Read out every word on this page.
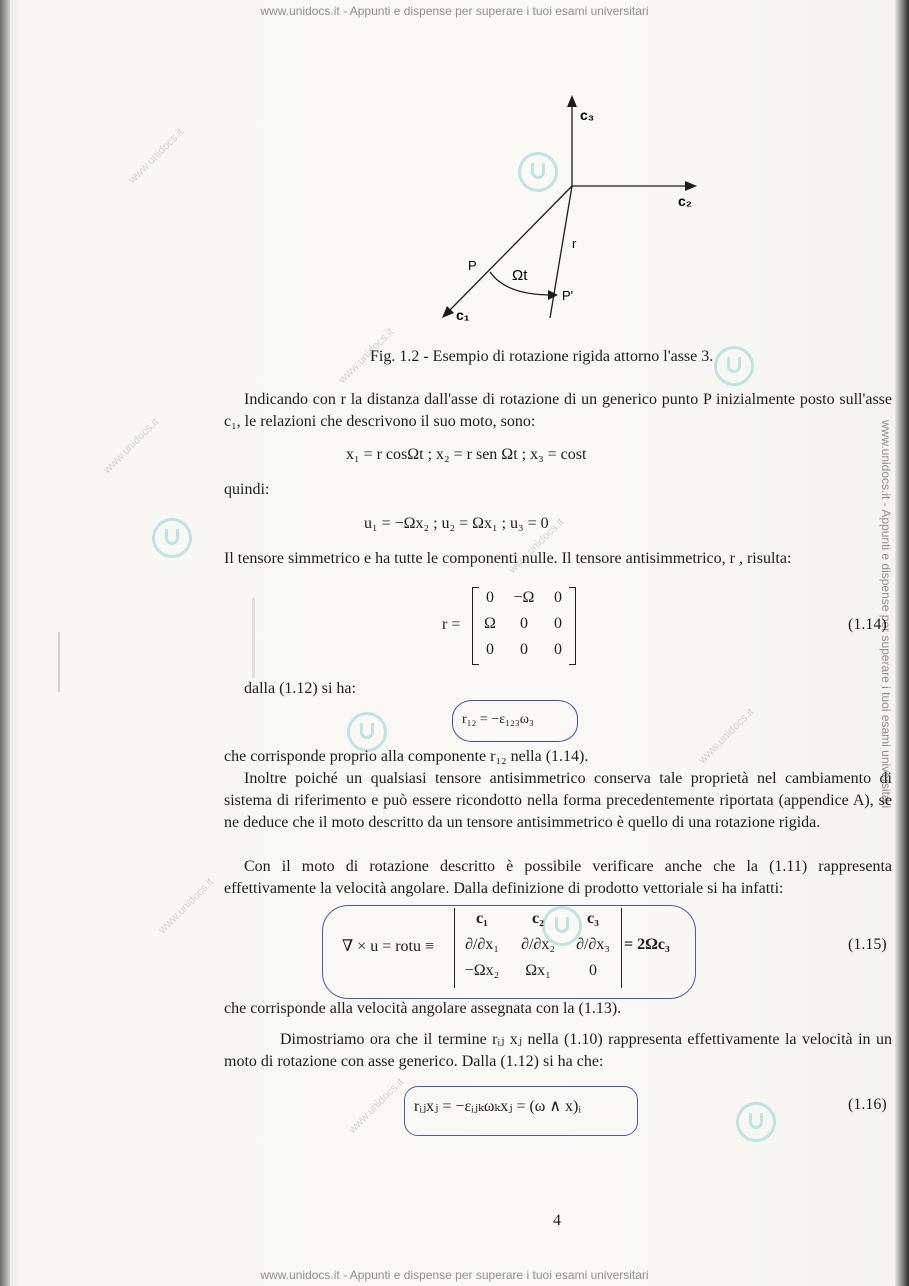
www.unidocs.it - Appunti e dispense per superare i tuoi esami universitari
www.unidocs.it - Appunti e dispense per superare i tuoi esami universitari
www.unidocs.it - Appunti e dispense per superare i tuoi esami universitari
www.unidocs.it
www.unidocs.it
www.unidocs.it
www.unidocs.it
www.unidocs.it
www.unidocs.it
www.unidocs.it
c₃
c₂
c₁
r
P
P'
Ωt
Fig. 1.2 - Esempio di rotazione rigida attorno l'asse 3.
Indicando con r la distanza dall'asse di rotazione di un generico punto P inizialmente posto sull'asse c₁, le relazioni che descrivono il suo moto, sono:
x₁ = r cosΩt ; x₂ = r sen Ωt ; x₃ = cost
quindi:
u₁ = −Ωx₂ ; u₂ = Ωx₁ ; u₃ = 0
Il tensore simmetrico e ha tutte le componenti nulle. Il tensore antisimmetrico, r , risulta:
r =
0	−Ω	0
Ω	0	0
0	0	0
(1.14)
dalla (1.12) si ha:
r₁₂ = −ε₁₂₃ω₃
che corrisponde proprio alla componente r₁₂ nella (1.14).
Inoltre poiché un qualsiasi tensore antisimmetrico conserva tale proprietà nel cambiamento di sistema di riferimento e può essere ricondotto nella forma precedentemente riportata (appendice A), se ne deduce che il moto descritto da un tensore antisimmetrico è quello di una rotazione rigida.
Con il moto di rotazione descritto è possibile verificare anche che la (1.11) rappresenta effettivamente la velocità angolare. Dalla definizione di prodotto vettoriale si ha infatti:
∇ × u = rotu ≡
c₁	c₂	c₃
∂/∂x₁	∂/∂x₂	∂/∂x₃
−Ωx₂	Ωx₁	0
= 2Ωc₃	(1.15)
che corrisponde alla velocità angolare assegnata con la (1.13).
Dimostriamo ora che il termine rᵢⱼ xⱼ nella (1.10) rappresenta effettivamente la velocità in un moto di rotazione con asse generico. Dalla (1.12) si ha che:
rᵢⱼxⱼ = −εᵢⱼₖωₖxⱼ = (ω ∧ x)ᵢ	(1.16)
4
